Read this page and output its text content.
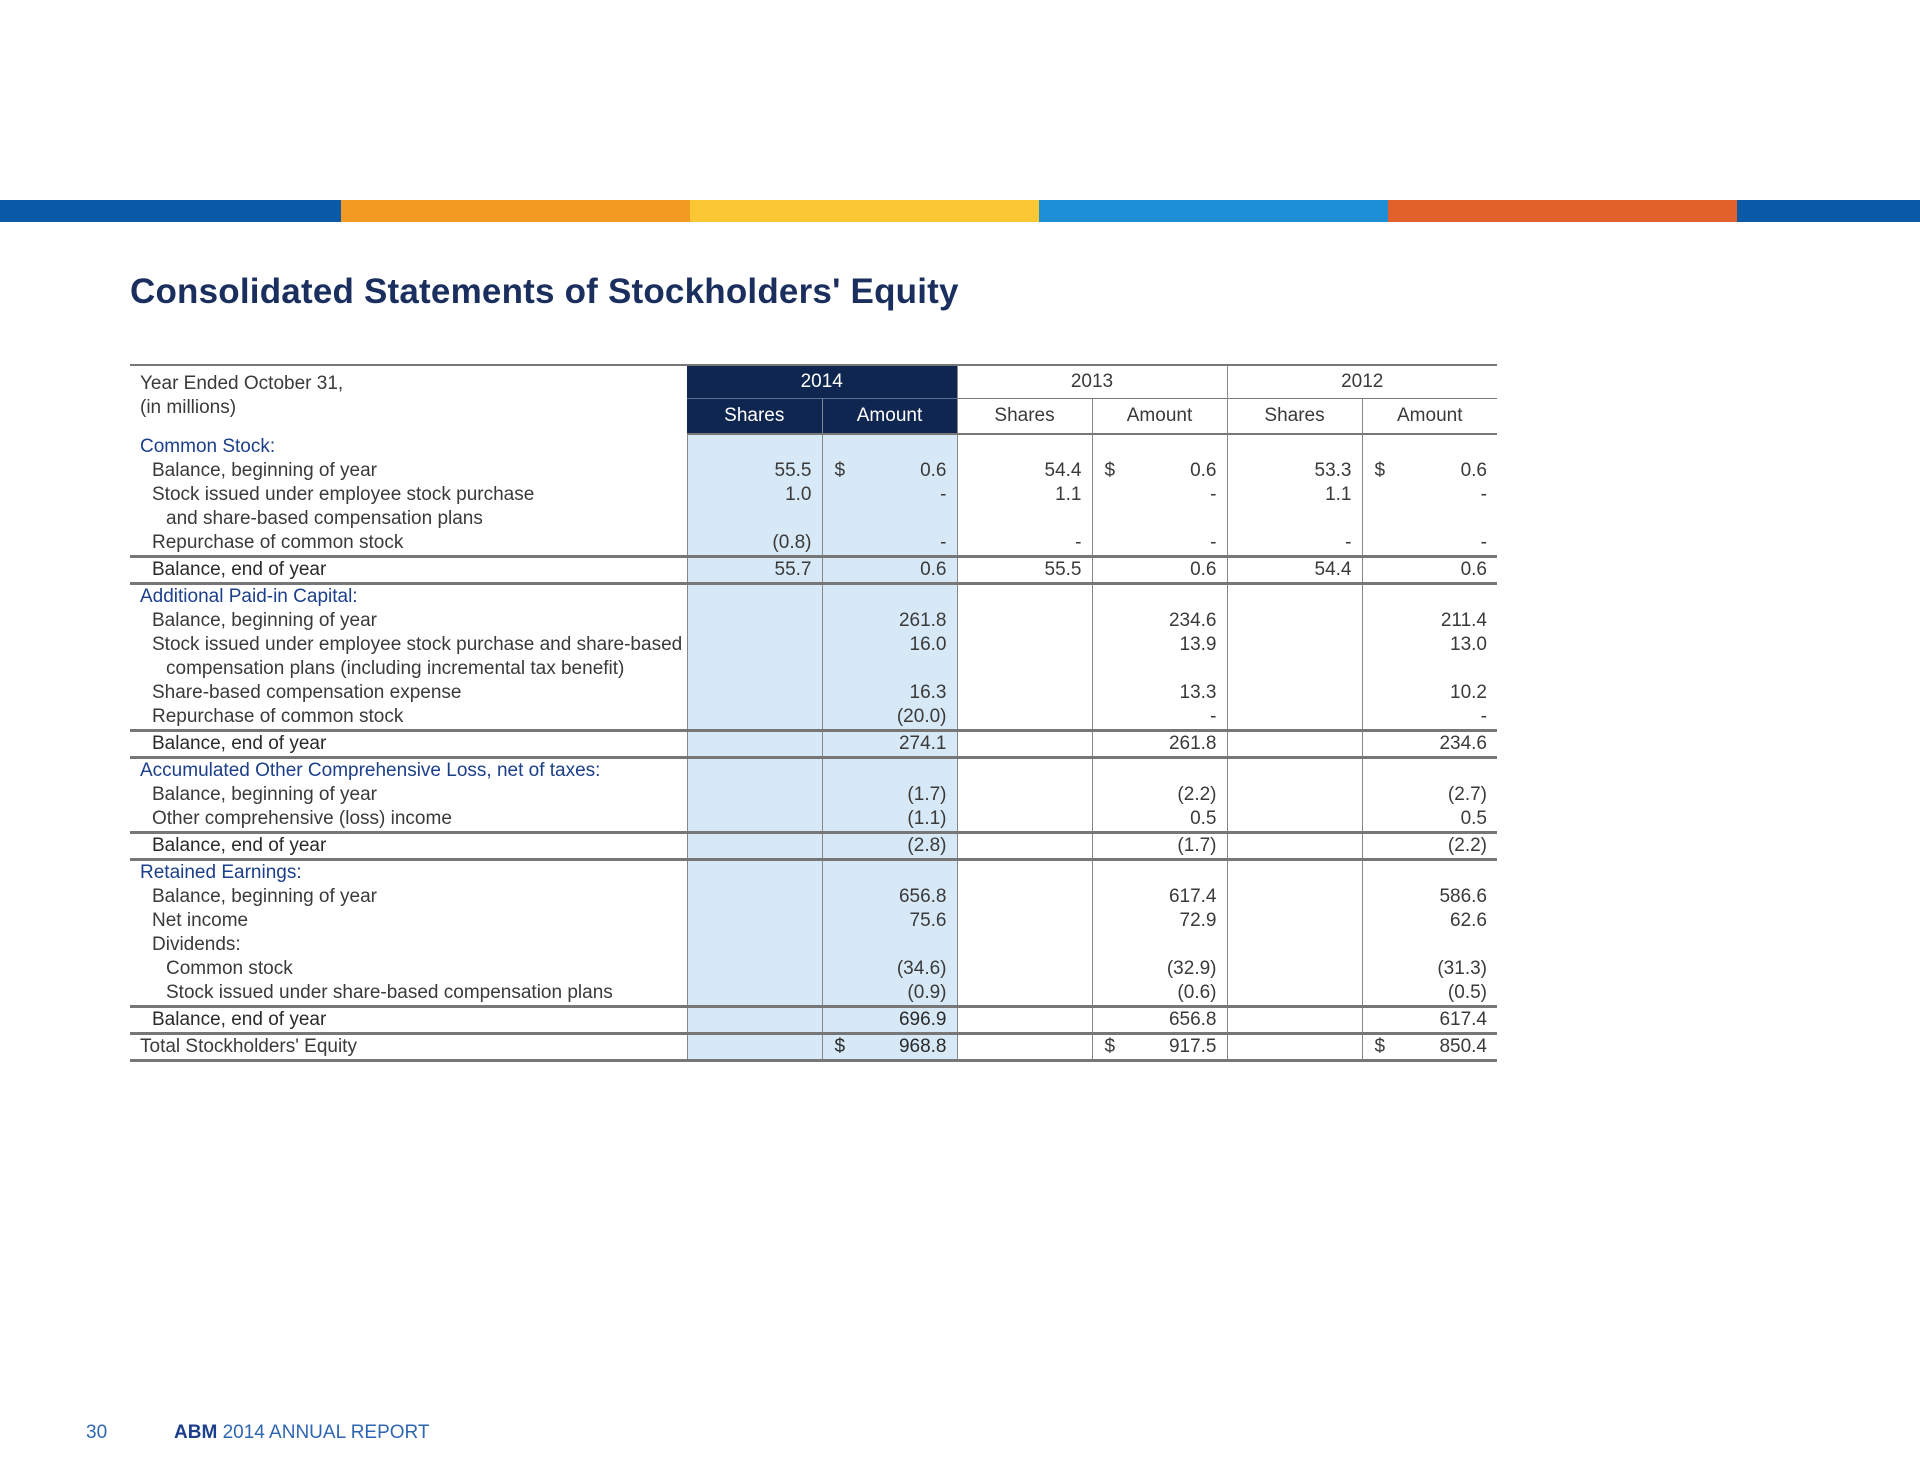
Consolidated Statements of Stockholders' Equity
Year Ended October 31,
(in millions)	2014		2013		2012	
	Shares	Amount	Shares	Amount	Shares	Amount
Common Stock:						
Balance, beginning of year	55.5	$ 0.6	54.4	$ 0.6	53.3	$ 0.6
Stock issued under employee stock purchase	1.0	-	1.1	-	1.1	-
and share-based compensation plans						
Repurchase of common stock	(0.8)	-	-	-	-	-
Balance, end of year	55.7	0.6	55.5	0.6	54.4	0.6
Additional Paid-in Capital:						
Balance, beginning of year		261.8		234.6		211.4
Stock issued under employee stock purchase and share-based		16.0		13.9		13.0
compensation plans (including incremental tax benefit)						
Share-based compensation expense		16.3		13.3		10.2
Repurchase of common stock		(20.0)		-		-
Balance, end of year		274.1		261.8		234.6
Accumulated Other Comprehensive Loss, net of taxes:						
Balance, beginning of year		(1.7)		(2.2)		(2.7)
Other comprehensive (loss) income		(1.1)		0.5		0.5
Balance, end of year		(2.8)		(1.7)		(2.2)
Retained Earnings:						
Balance, beginning of year		656.8		617.4		586.6
Net income		75.6		72.9		62.6
Dividends:						
Common stock		(34.6)		(32.9)		(31.3)
Stock issued under share-based compensation plans		(0.9)		(0.6)		(0.5)
Balance, end of year		696.9		656.8		617.4
Total Stockholders' Equity		$ 968.8		$ 917.5		$ 850.4
30	ABM 2014 ANNUAL REPORT
